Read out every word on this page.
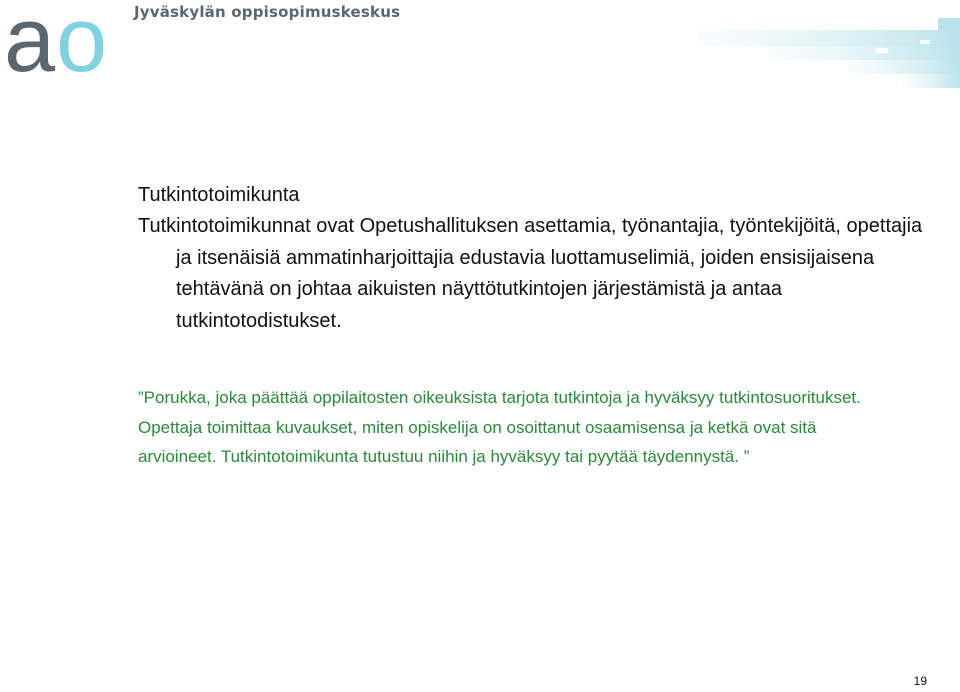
a o Jyväskylän oppisopimuskeskus

Tutkintotoimikunta

Tutkintotoimikunnat ovat Opetushallituksen asettamia, työnantajia, työntekijöitä, opettajia ja itsenäisiä ammatinharjoittajia edustavia luottamuselimiä, joiden ensisijaisena tehtävänä on johtaa aikuisten näyttötutkintojen järjestämistä ja antaa tutkintotodistukset.

”Porukka, joka päättää oppilaitosten oikeuksista tarjota tutkintoja ja hyväksyy tutkintosuoritukset. Opettaja toimittaa kuvaukset, miten opiskelija on osoittanut osaamisensa ja ketkä ovat sitä arvioineet. Tutkintotoimikunta tutustuu niihin ja hyväksyy tai pyytää täydennystä. ”

19
